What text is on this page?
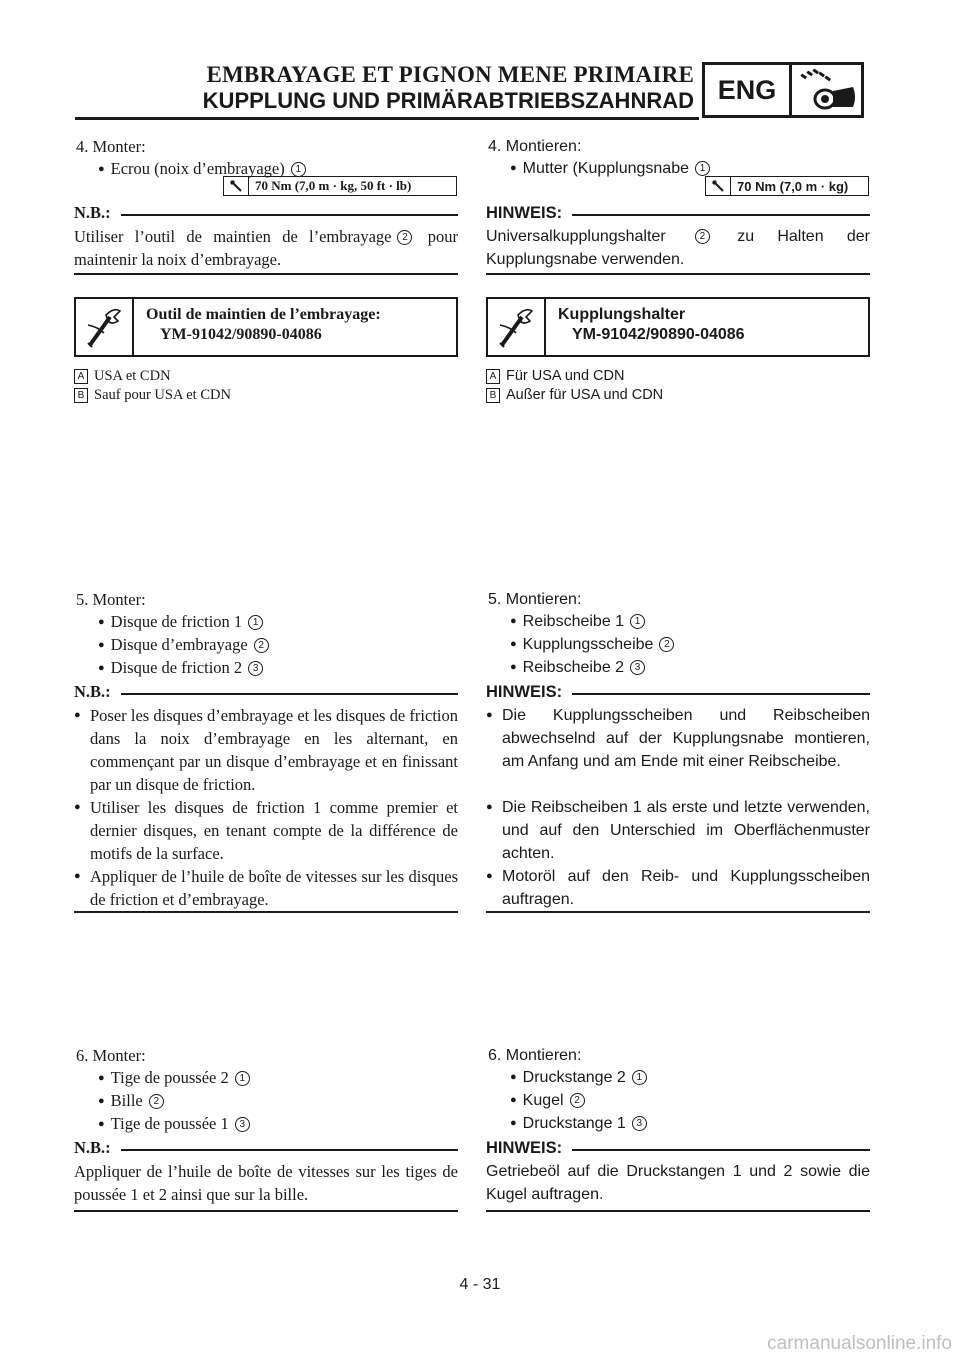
EMBRAYAGE ET PIGNON MENE PRIMAIRE
KUPPLUNG UND PRIMÄRABTRIEBSZAHNRAD ENG
4. Monter:
● Ecrou (noix d’embrayage) 1
70 Nm (7,0 m · kg, 50 ft · lb)
N.B.:
Utiliser l’outil de maintien de l’embrayage 2 pour maintenir la noix d’embrayage.
Outil de maintien de l’embrayage:
YM-91042/90890-04086
A USA et CDN
B Sauf pour USA et CDN
5. Monter:
● Disque de friction 1 1
● Disque d’embrayage 2
● Disque de friction 2 3
N.B.:
● Poser les disques d’embrayage et les disques de friction dans la noix d’embrayage en les alternant, en commençant par un disque d’embrayage et en finissant par un disque de friction.
● Utiliser les disques de friction 1 comme premier et dernier disques, en tenant compte de la différence de motifs de la surface.
● Appliquer de l’huile de boîte de vitesses sur les disques de friction et d’embrayage.
6. Monter:
● Tige de poussée 2 1
● Bille 2
● Tige de poussée 1 3
N.B.:
Appliquer de l’huile de boîte de vitesses sur les tiges de poussée 1 et 2 ainsi que sur la bille.
4. Montieren:
● Mutter (Kupplungsnabe 1
70 Nm (7,0 m · kg)
HINWEIS:
Universalkupplungshalter	2 zu Halten der Kupplungsnabe verwenden.
Kupplungshalter
YM-91042/90890-04086
A Für USA und CDN
B Außer für USA und CDN
5. Montieren:
● Reibscheibe 1 1
● Kupplungsscheibe 2
● Reibscheibe 2 3
HINWEIS:
● Die Kupplungsscheiben und Reibscheiben abwechselnd auf der Kupplungsnabe montieren, am Anfang und am Ende mit einer Reibscheibe.
● Die Reibscheiben 1 als erste und letzte verwenden, und auf den Unterschied im Oberflächenmuster achten.
● Motoröl auf den Reib- und Kupplungsscheiben auftragen.
6. Montieren:
● Druckstange 2 1
● Kugel 2
● Druckstange 1 3
HINWEIS:
Getriebeöl auf die Druckstangen 1 und 2 sowie die Kugel auftragen.
4 - 31
carmanualsonline.info
